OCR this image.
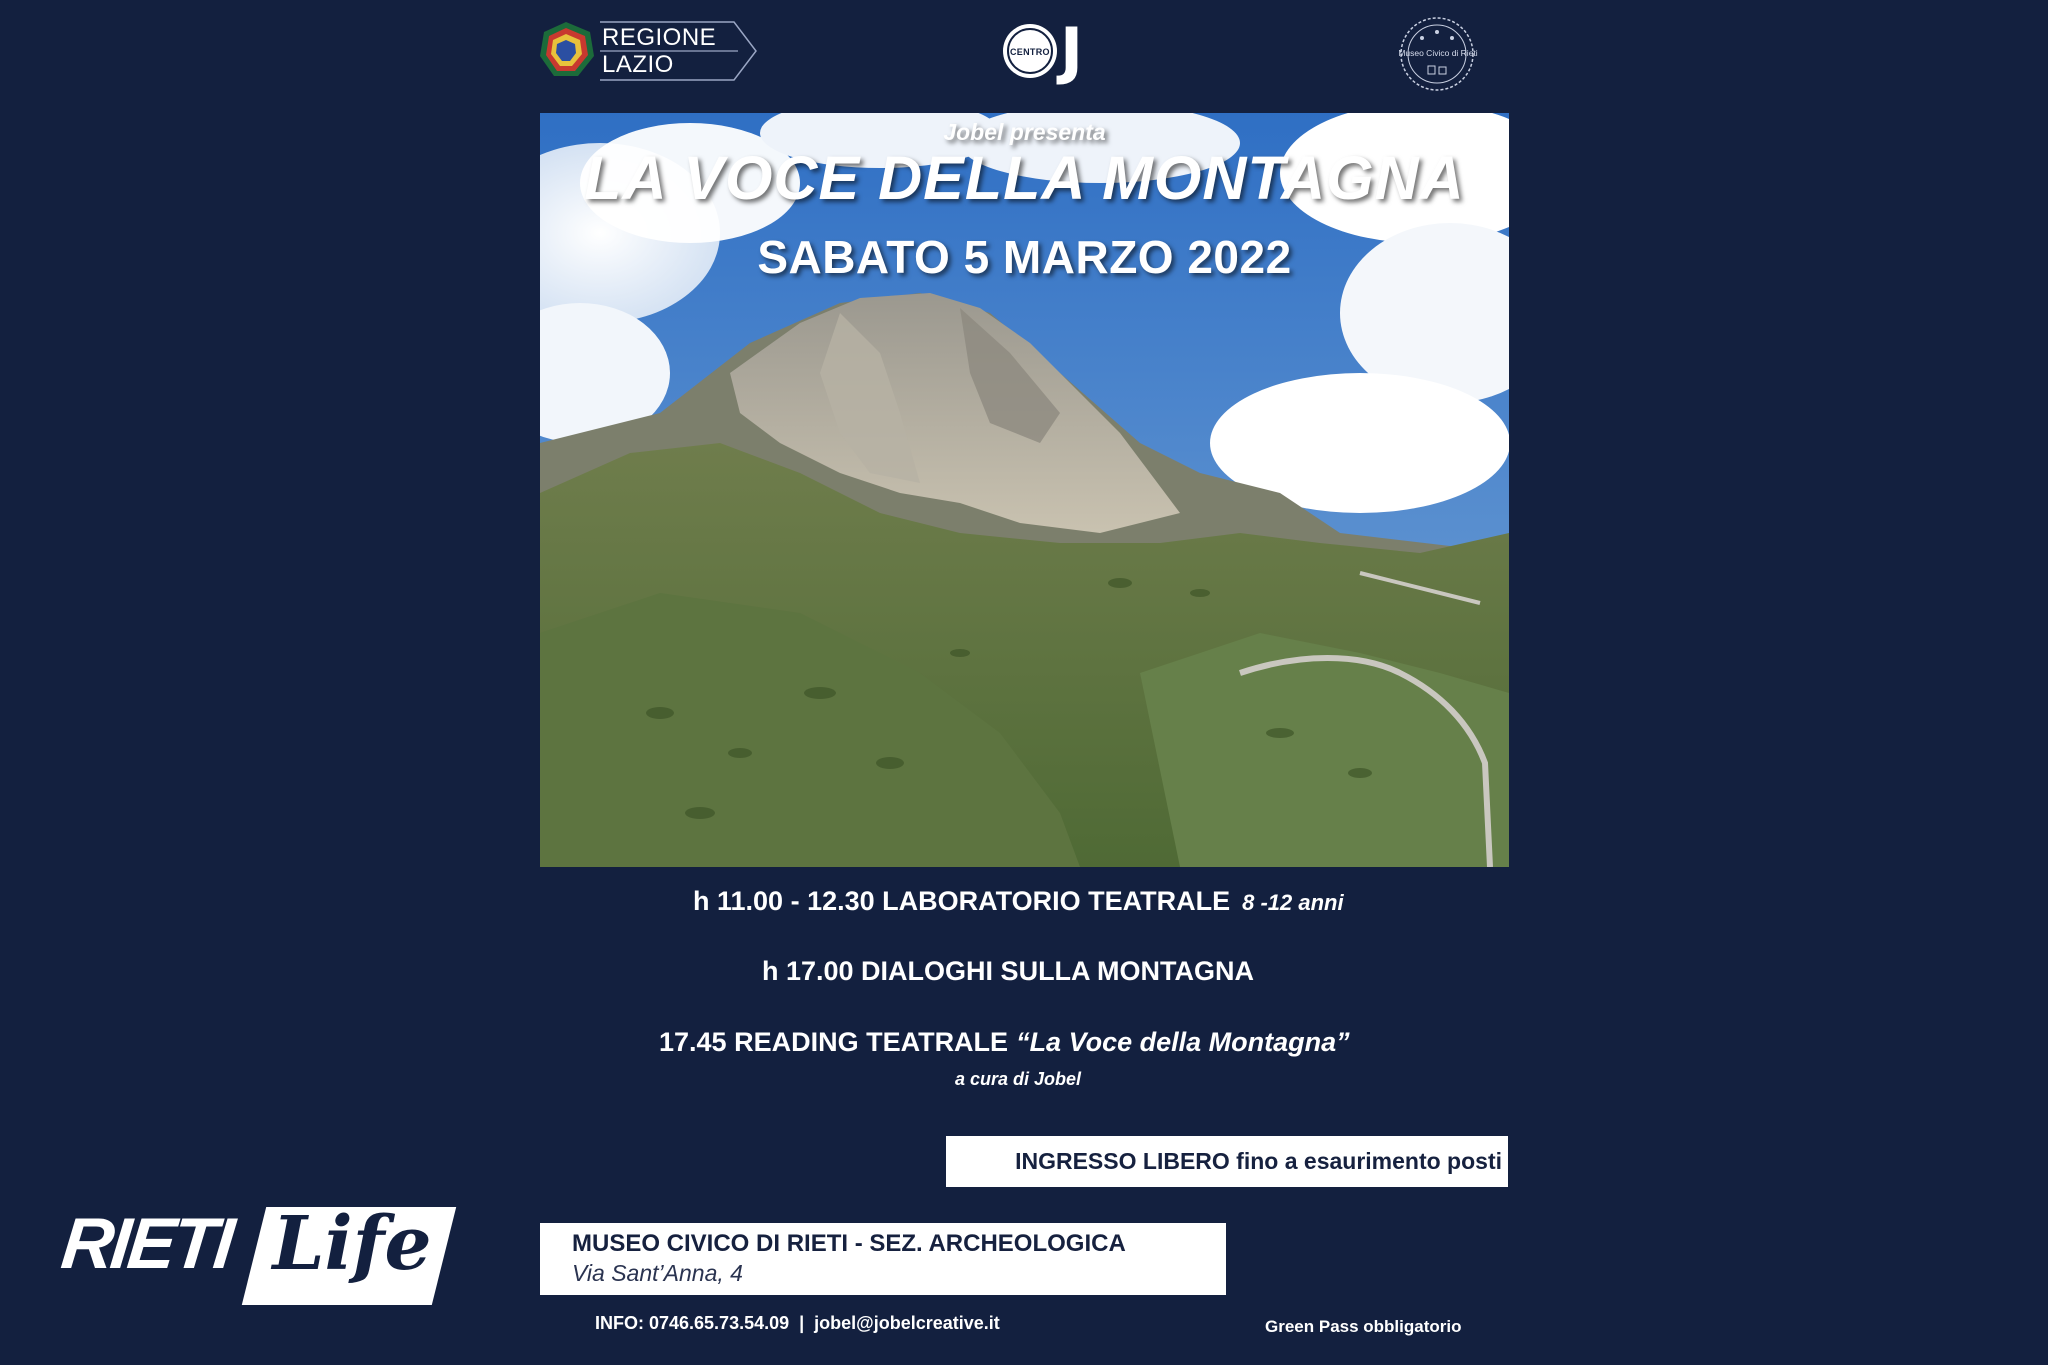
REGIONE
LAZIO	CENTRO J	Museo Civico di Rieti
Jobel presenta
LA VOCE DELLA MONTAGNA
SABATO 5 MARZO 2022
h 11.00 - 12.30 LABORATORIO TEATRALE 8 -12 anni
h 17.00 DIALOGHI SULLA MONTAGNA
17.45 READING TEATRALE “La Voce della Montagna”
a cura di Jobel
INGRESSO LIBERO fino a esaurimento posti
MUSEO CIVICO DI RIETI - SEZ. ARCHEOLOGICA
Via Sant’Anna, 4
INFO: 0746.65.73.54.09 | jobel@jobelcreative.it	Green Pass obbligatorio
RIETI Life
